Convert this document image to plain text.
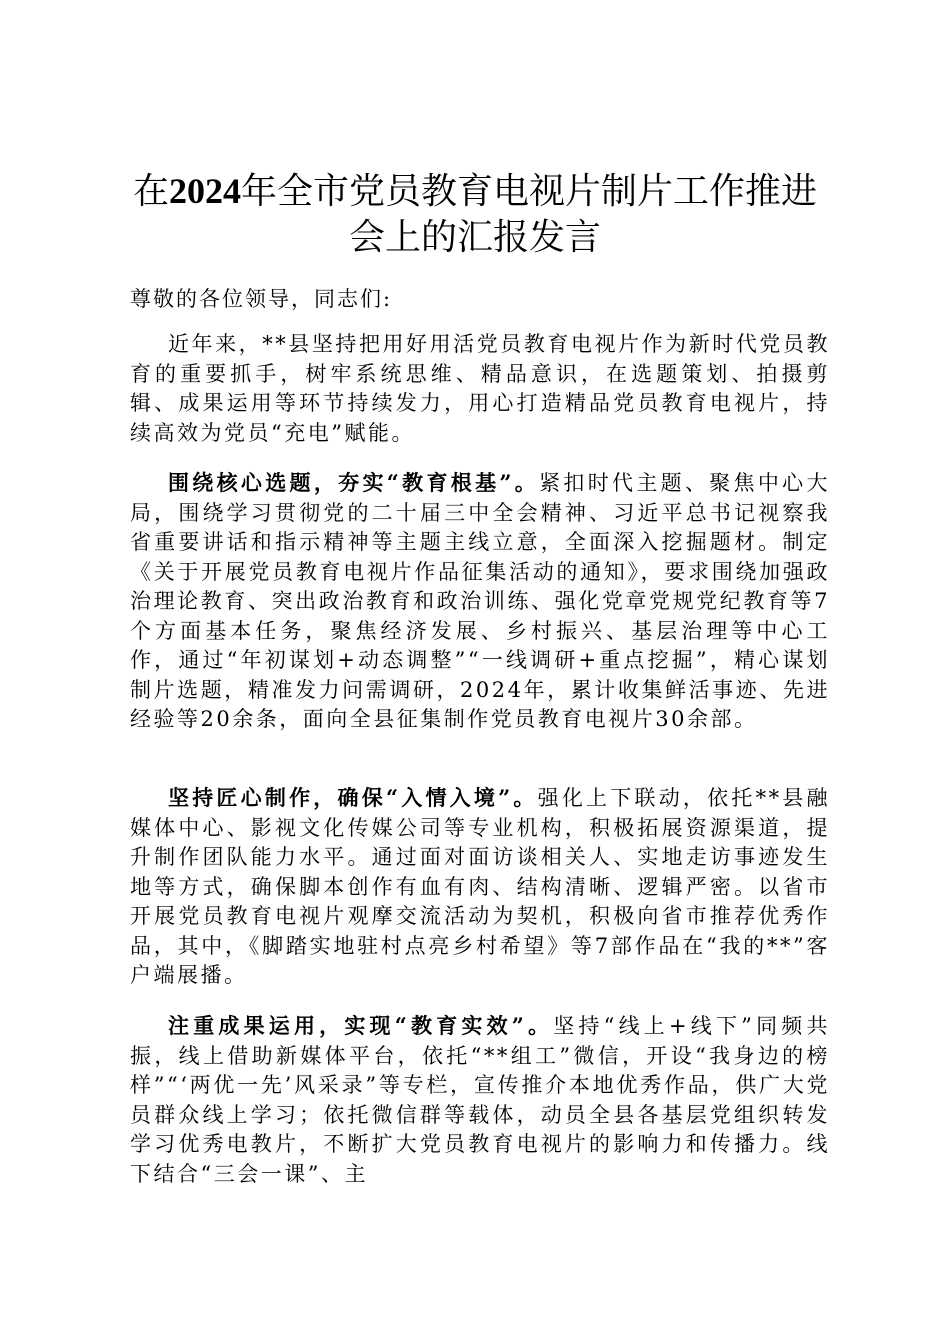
在2024年全市党员教育电视片制片工作推进会上的汇报发言
尊敬的各位领导，同志们:
近年来，**县坚持把用好用活党员教育电视片作为新时代党员教育的重要抓手，树牢系统思维、精品意识，在选题策划、拍摄剪辑、成果运用等环节持续发力，用心打造精品党员教育电视片，持续高效为党员“充电”赋能。
围绕核心选题，夯实“教育根基”。紧扣时代主题、聚焦中心大局，围绕学习贯彻党的二十届三中全会精神、习近平总书记视察我省重要讲话和指示精神等主题主线立意，全面深入挖掘题材。制定《关于开展党员教育电视片作品征集活动的通知》，要求围绕加强政治理论教育、突出政治教育和政治训练、强化党章党规党纪教育等7个方面基本任务，聚焦经济发展、乡村振兴、基层治理等中心工作，通过“年初谋划+动态调整”“一线调研+重点挖掘”，精心谋划制片选题，精准发力问需调研，2024年，累计收集鲜活事迹、先进经验等20余条，面向全县征集制作党员教育电视片30余部。
坚持匠心制作，确保“入情入境”。强化上下联动，依托**县融媒体中心、影视文化传媒公司等专业机构，积极拓展资源渠道，提升制作团队能力水平。通过面对面访谈相关人、实地走访事迹发生地等方式，确保脚本创作有血有肉、结构清晰、逻辑严密。以省市开展党员教育电视片观摩交流活动为契机，积极向省市推荐优秀作品，其中，《脚踏实地驻村点亮乡村希望》等7部作品在“我的**”客户端展播。
注重成果运用，实现“教育实效”。坚持“线上+线下”同频共振，线上借助新媒体平台，依托“**组工”微信，开设“我身边的榜样”“‘两优一先’风采录”等专栏，宣传推介本地优秀作品，供广大党员群众线上学习；依托微信群等载体，动员全县各基层党组织转发学习优秀电教片，不断扩大党员教育电视片的影响力和传播力。线下结合“三会一课”、主
